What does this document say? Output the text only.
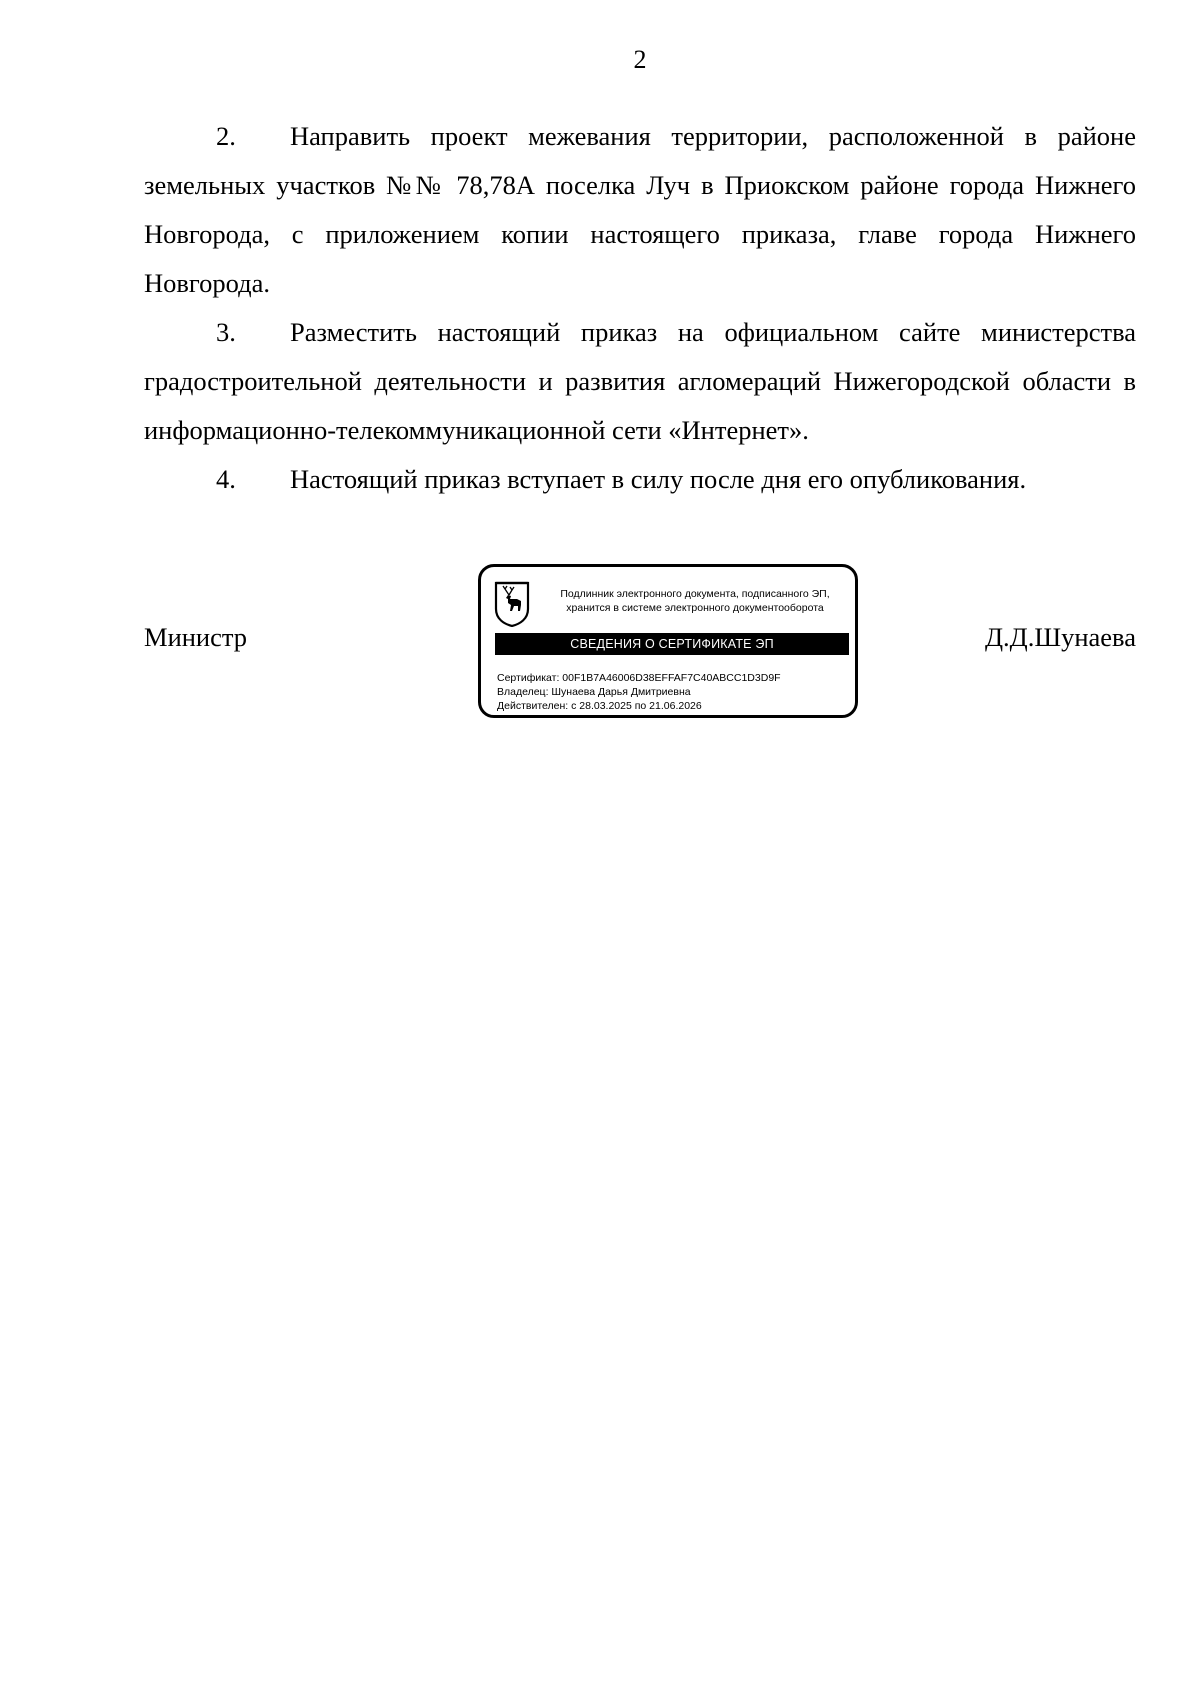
2

2. Направить проект межевания территории, расположенной в районе земельных участков №№ 78,78А поселка Луч в Приокском районе города Нижнего Новгорода, с приложением копии настоящего приказа, главе города Нижнего Новгорода.

3. Разместить настоящий приказ на официальном сайте министерства градостроительной деятельности и развития агломераций Нижегородской области в информационно-телекоммуникационной сети «Интернет».

4. Настоящий приказ вступает в силу после дня его опубликования.

Министр	Д.Д.Шунаева
Подлинник электронного документа, подписанного ЭП,
хранится в системе электронного документооборота
СВЕДЕНИЯ О СЕРТИФИКАТЕ ЭП
Сертификат: 00F1B7A46006D38EFFAF7C40ABCC1D3D9F
Владелец: Шунаева Дарья Дмитриевна
Действителен: с 28.03.2025 по 21.06.2026
